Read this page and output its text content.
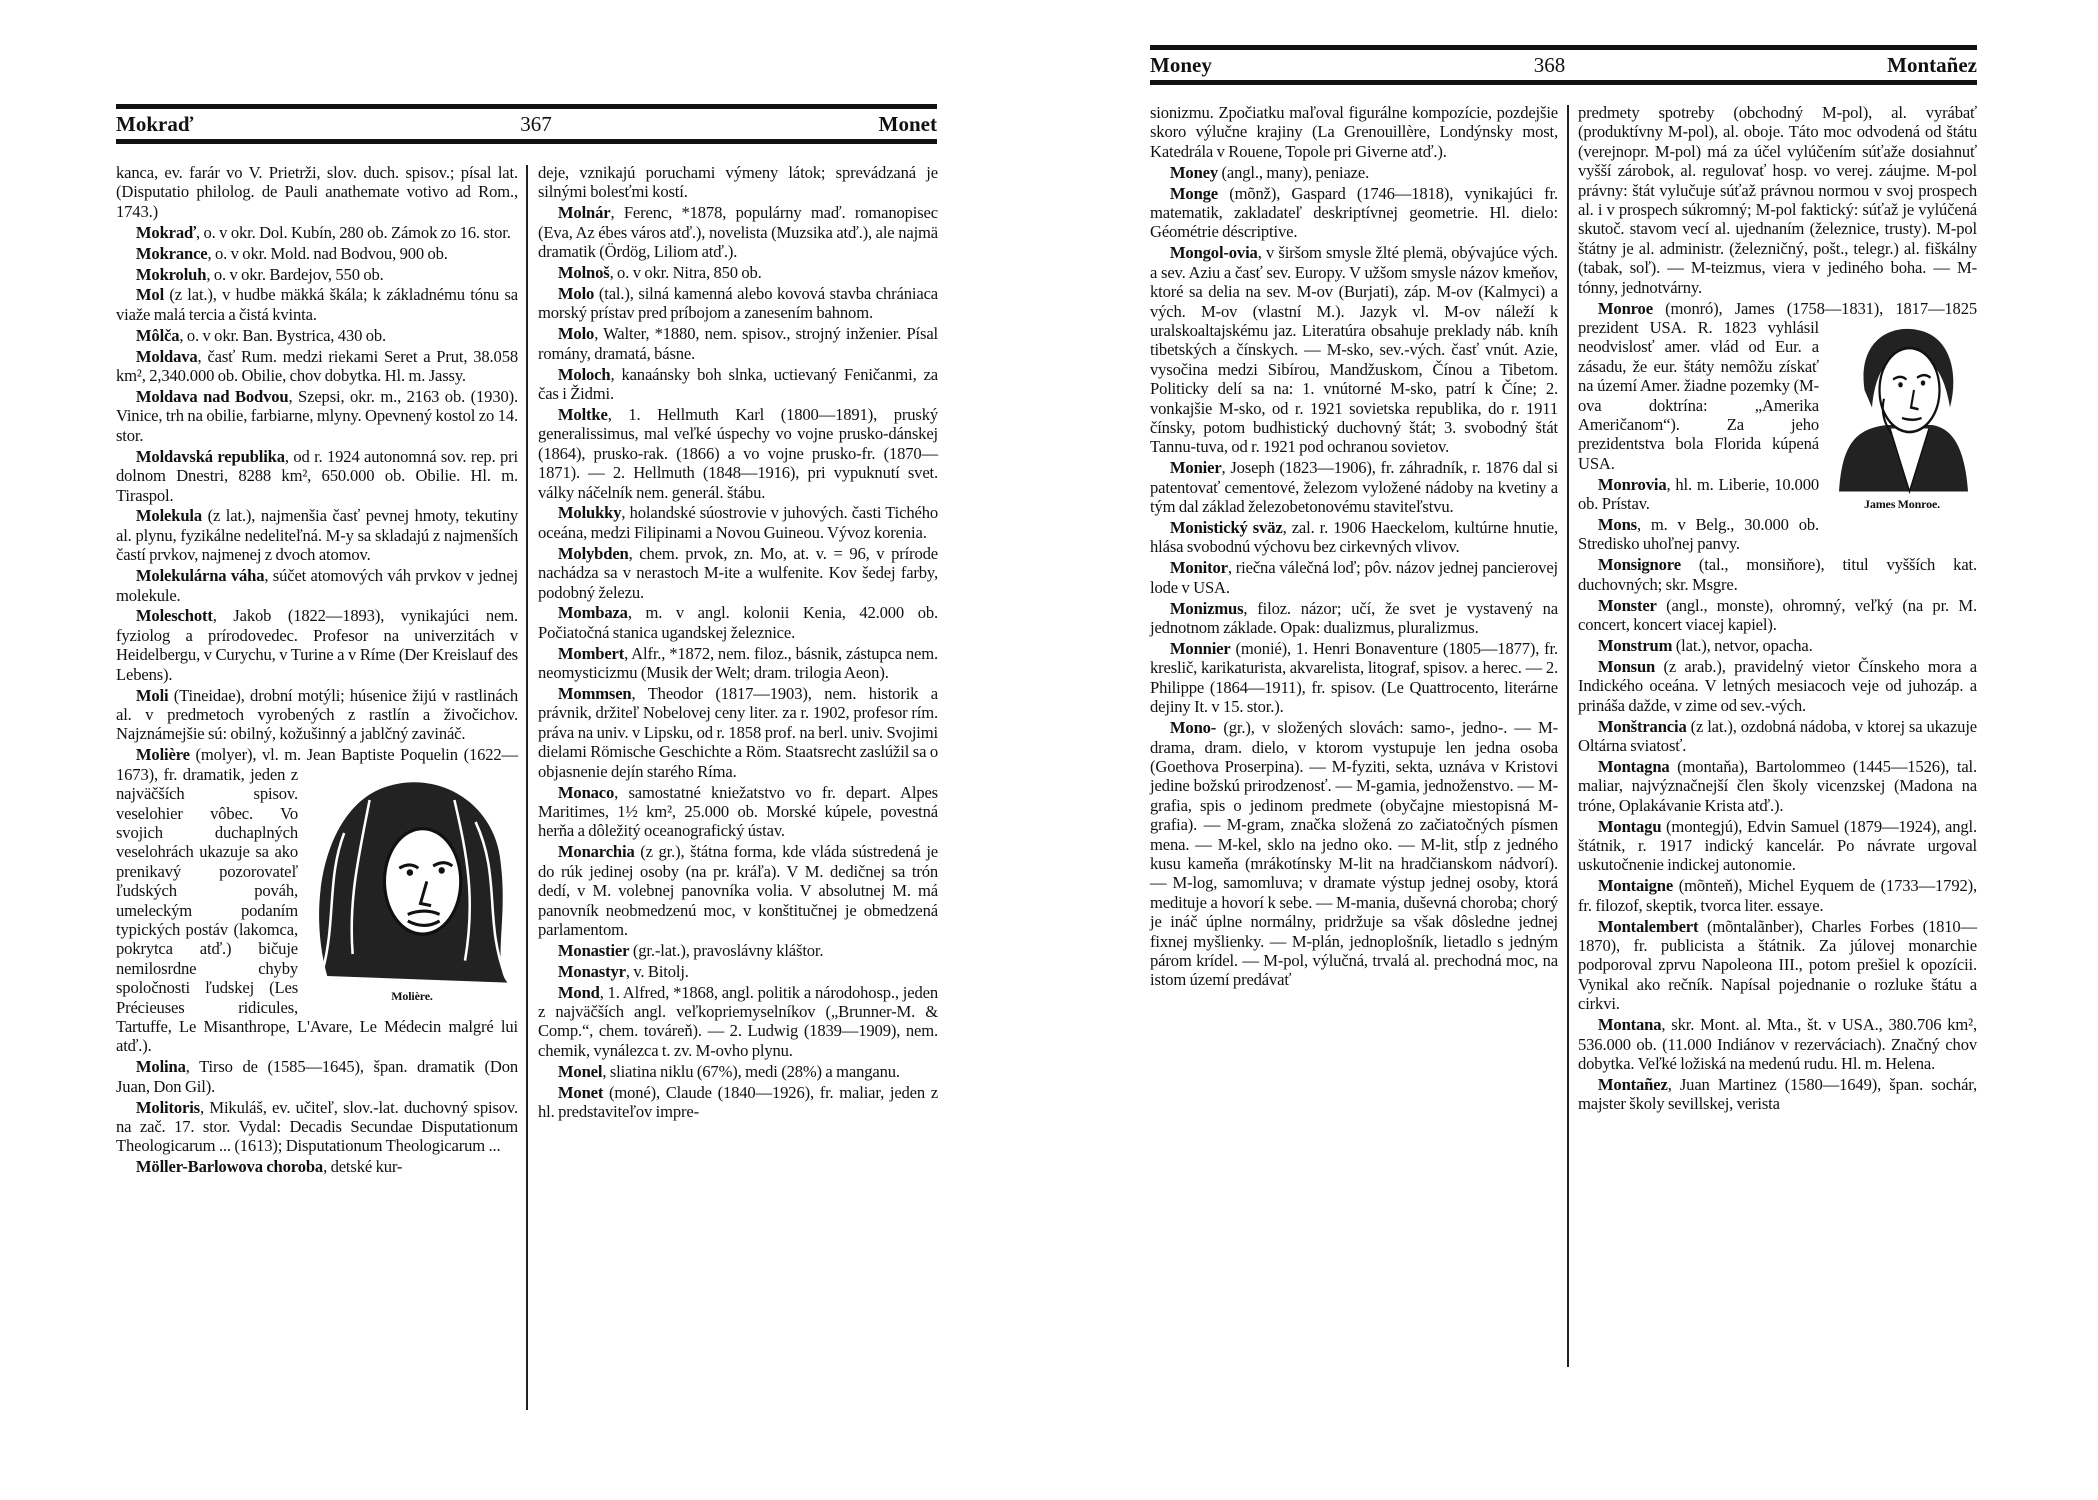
Mokraď	367	Monet

kanca, ev. farár vo V. Prietrži, slov. duch. spisov.; písal lat. (Disputatio philolog. de Pauli anathemate votivo ad Rom., 1743.)

Mokraď, o. v okr. Dol. Kubín, 280 ob. Zámok zo 16. stor.

Mokrance, o. v okr. Mold. nad Bodvou, 900 ob.

Mokroluh, o. v okr. Bardejov, 550 ob.

Mol (z lat.), v hudbe mäkká škála; k základnému tónu sa viaže malá tercia a čistá kvinta.

Môlča, o. v okr. Ban. Bystrica, 430 ob.

Moldava, časť Rum. medzi riekami Seret a Prut, 38.058 km², 2,340.000 ob. Obilie, chov dobytka. Hl. m. Jassy.

Moldava nad Bodvou, Szepsi, okr. m., 2163 ob. (1930). Vinice, trh na obilie, farbiarne, mlyny. Opevnený kostol zo 14. stor.

Moldavská republika, od r. 1924 autonomná sov. rep. pri dolnom Dnestri, 8288 km², 650.000 ob. Obilie. Hl. m. Tiraspol.

Molekula (z lat.), najmenšia časť pevnej hmoty, tekutiny al. plynu, fyzikálne nedeliteľná. M-y sa skladajú z najmenších častí prvkov, najmenej z dvoch atomov.

Molekulárna váha, súčet atomových váh prvkov v jednej molekule.

Moleschott, Jakob (1822—1893), vynikajúci nem. fyziolog a prírodovedec. Profesor na univerzitách v Heidelbergu, v Curychu, v Turine a v Ríme (Der Kreislauf des Lebens).

Moli (Tineidae), drobní motýli; húsenice žijú v rastlinách al. v predmetoch vyrobených z rastlín a živočichov. Najznámejšie sú: obilný, kožušinný a jablčný zavináč.

Molière (molyer), vl. m. Jean Baptiste
Molière.
Poquelin (1622—1673), fr. dramatik, jeden z najväčších spisov. veselohier vôbec. Vo svojich duchaplných veselohrách ukazuje sa ako prenikavý pozorovateľ ľudských pováh, umeleckým podaním typických postáv (lakomca, pokrytca atď.) bičuje nemilosrdne chyby spoločnosti ľudskej (Les Précieuses ridicules, Tartuffe, Le Misanthrope, L'Avare, Le Médecin malgré lui atď.).

Molina, Tirso de (1585—1645), špan. dramatik (Don Juan, Don Gil).

Molitoris, Mikuláš, ev. učiteľ, slov.-lat. duchovný spisov. na zač. 17. stor. Vydal: Decadis Secundae Disputationum Theologicarum ... (1613); Disputationum Theologicarum ...

Möller-Barlowova choroba, detské kur-

deje, vznikajú poruchami výmeny látok; sprevádzaná je silnými bolesťmi kostí.

Molnár, Ferenc, *1878, populárny maď. romanopisec (Eva, Az ébes város atď.), novelista (Muzsika atď.), ale najmä dramatik (Ördög, Liliom atď.).

Molnoš, o. v okr. Nitra, 850 ob.

Molo (tal.), silná kamenná alebo kovová stavba chrániaca morský prístav pred príbojom a zanesením bahnom.

Molo, Walter, *1880, nem. spisov., strojný inženier. Písal romány, dramatá, básne.

Moloch, kanaánsky boh slnka, uctievaný Feničanmi, za čas i Židmi.

Moltke, 1. Hellmuth Karl (1800—1891), pruský generalissimus, mal veľké úspechy vo vojne prusko-dánskej (1864), prusko-rak. (1866) a vo vojne prusko-fr. (1870—1871). — 2. Hellmuth (1848—1916), pri vypuknutí svet. války náčelník nem. generál. štábu.

Molukky, holandské súostrovie v juhových. časti Tichého oceána, medzi Filipinami a Novou Guineou. Vývoz korenia.

Molybden, chem. prvok, zn. Mo, at. v. = 96, v prírode nachádza sa v nerastoch M-ite a wulfenite. Kov šedej farby, podobný železu.

Mombaza, m. v angl. kolonii Kenia, 42.000 ob. Počiatočná stanica ugandskej železnice.

Mombert, Alfr., *1872, nem. filoz., básnik, zástupca nem. neomysticizmu (Musik der Welt; dram. trilogia Aeon).

Mommsen, Theodor (1817—1903), nem. historik a právnik, držiteľ Nobelovej ceny liter. za r. 1902, profesor rím. práva na univ. v Lipsku, od r. 1858 prof. na berl. univ. Svojimi dielami Römische Geschichte a Röm. Staatsrecht zaslúžil sa o objasnenie dejín starého Ríma.

Monaco, samostatné kniežatstvo vo fr. depart. Alpes Maritimes, 1½ km², 25.000 ob. Morské kúpele, povestná herňa a dôležitý oceanografický ústav.

Monarchia (z gr.), štátna forma, kde vláda sústredená je do rúk jedinej osoby (na pr. kráľa). V M. dedičnej sa trón dedí, v M. volebnej panovníka volia. V absolutnej M. má panovník neobmedzenú moc, v konštitučnej je obmedzená parlamentom.

Monastier (gr.-lat.), pravoslávny kláštor.

Monastyr, v. Bitolj.

Mond, 1. Alfred, *1868, angl. politik a národohosp., jeden z najväčších angl. veľkopriemyselníkov („Brunner-M. & Comp.“, chem. továreň). — 2. Ludwig (1839—1909), nem. chemik, vynálezca t. zv. M-ovho plynu.

Monel, sliatina niklu (67%), medi (28%) a manganu.

Monet (moné), Claude (1840—1926), fr. maliar, jeden z hl. predstaviteľov impre-

Money	368	Montañez

sionizmu. Zpočiatku maľoval figurálne kompozície, pozdejšie skoro výlučne krajiny (La Grenouillère, Londýnsky most, Katedrála v Rouene, Topole pri Giverne atď.).

Money (angl., many), peniaze.

Monge (mõnž), Gaspard (1746—1818), vynikajúci fr. matematik, zakladateľ deskriptívnej geometrie. Hl. dielo: Géométrie déscriptive.

Mongol-ovia, v širšom smysle žlté plemä, obývajúce vých. a sev. Aziu a časť sev. Europy. V užšom smysle názov kmeňov, ktoré sa delia na sev. M-ov (Burjati), záp. M-ov (Kalmyci) a vých. M-ov (vlastní M.). Jazyk vl. M-ov náleží k uralskoaltajskému jaz. Literatúra obsahuje preklady náb. kníh tibetských a čínskych. — M-sko, sev.-vých. časť vnút. Azie, vysočina medzi Sibírou, Mandžuskom, Čínou a Tibetom. Politicky delí sa na: 1. vnútorné M-sko, patrí k Číne; 2. vonkajšie M-sko, od r. 1921 sovietska republika, do r. 1911 čínsky, potom budhistický duchovný štát; 3. svobodný štát Tannu-tuva, od r. 1921 pod ochranou sovietov.

Monier, Joseph (1823—1906), fr. záhradník, r. 1876 dal si patentovať cementové, železom vyložené nádoby na kvetiny a tým dal základ železobetonovému staviteľstvu.

Monistický sväz, zal. r. 1906 Haeckelom, kultúrne hnutie, hlása svobodnú výchovu bez cirkevných vlivov.

Monitor, riečna válečná loď; pôv. názov jednej pancierovej lode v USA.

Monizmus, filoz. názor; učí, že svet je vystavený na jednotnom základe. Opak: dualizmus, pluralizmus.

Monnier (monié), 1. Henri Bonaventure (1805—1877), fr. kreslič, karikaturista, akvarelista, litograf, spisov. a herec. — 2. Philippe (1864—1911), fr. spisov. (Le Quattrocento, literárne dejiny It. v 15. stor.).

Mono- (gr.), v složených slovách: samo-, jedno-. — M-drama, dram. dielo, v ktorom vystupuje len jedna osoba (Goethova Proserpina). — M-fyziti, sekta, uznáva v Kristovi jedine božskú prirodzenosť. — M-gamia, jednoženstvo. — M-grafia, spis o jedinom predmete (obyčajne miestopisná M-grafia). — M-gram, značka složená zo začiatočných písmen mena. — M-kel, sklo na jedno oko. — M-lit, stĺp z jedného kusu kameňa (mrákotínsky M-lit na hradčianskom nádvorí). — M-log, samomluva; v dramate výstup jednej osoby, ktorá medituje a hovorí k sebe. — M-mania, duševná choroba; chorý je ináč úplne normálny, pridržuje sa však dôsledne jednej fixnej myšlienky. — M-plán, jednoplošník, lietadlo s jedným párom krídel. — M-pol, výlučná, trvalá al. prechodná moc, na istom území predávať

predmety spotreby (obchodný M-pol), al. vyrábať (produktívny M-pol), al. oboje. Táto moc odvodená od štátu (verejnopr. M-pol) má za účel vylúčením súťaže dosiahnuť vyšší zárobok, al. regulovať hosp. vo verej. záujme. M-pol právny: štát vylučuje súťaž právnou normou v svoj prospech al. i v prospech súkromný; M-pol faktický: súťaž je vylúčená skutoč. stavom vecí al. ujednaním (železnice, trusty). M-pol štátny je al. administr. (železničný, pošt., telegr.) al. fiškálny (tabak, soľ). — M-teizmus, viera v jediného boha. — M-tónny, jednotvárny.

Monroe (monró), James (1758—1831), 1817—1825 prezident USA. R. 1823
James Monroe.
vyhlásil neodvislosť amer. vlád od Eur. a zásadu, že eur. štáty nemôžu získať na území Amer. žiadne pozemky (M-ova doktrína: „Amerika Američanom“). Za jeho prezidentstva bola Florida kúpená USA.

Monrovia, hl. m. Liberie, 10.000 ob. Prístav.

Mons, m. v Belg., 30.000 ob. Stredisko uhoľnej panvy.

Monsignore (tal., monsiňore), titul vyšších kat. duchovných; skr. Msgre.

Monster (angl., monste), ohromný, veľký (na pr. M. concert, koncert viacej kapiel).

Monstrum (lat.), netvor, opacha.

Monsun (z arab.), pravidelný vietor Čínskeho mora a Indického oceána. V letných mesiacoch veje od juhozáp. a prináša dažde, v zime od sev.-vých.

Monštrancia (z lat.), ozdobná nádoba, v ktorej sa ukazuje Oltárna sviatosť.

Montagna (montaňa), Bartolommeo (1445—1526), tal. maliar, najvýznačnejší člen školy vicenzskej (Madona na tróne, Oplakávanie Krista atď.).

Montagu (montegjú), Edvin Samuel (1879—1924), angl. štátnik, r. 1917 indický kancelár. Po návrate urgoval uskutočnenie indickej autonomie.

Montaigne (mõnteň), Michel Eyquem de (1733—1792), fr. filozof, skeptik, tvorca liter. essaye.

Montalembert (mõntalãnber), Charles Forbes (1810—1870), fr. publicista a štátnik. Za júlovej monarchie podporoval zprvu Napoleona III., potom prešiel k opozícii. Vynikal ako rečník. Napísal pojednanie o rozluke štátu a cirkvi.

Montana, skr. Mont. al. Mta., št. v USA., 380.706 km², 536.000 ob. (11.000 Indiánov v rezerváciach). Značný chov dobytka. Veľké ložiská na medenú rudu. Hl. m. Helena.

Montañez, Juan Martinez (1580—1649), špan. sochár, majster školy sevillskej, verista
